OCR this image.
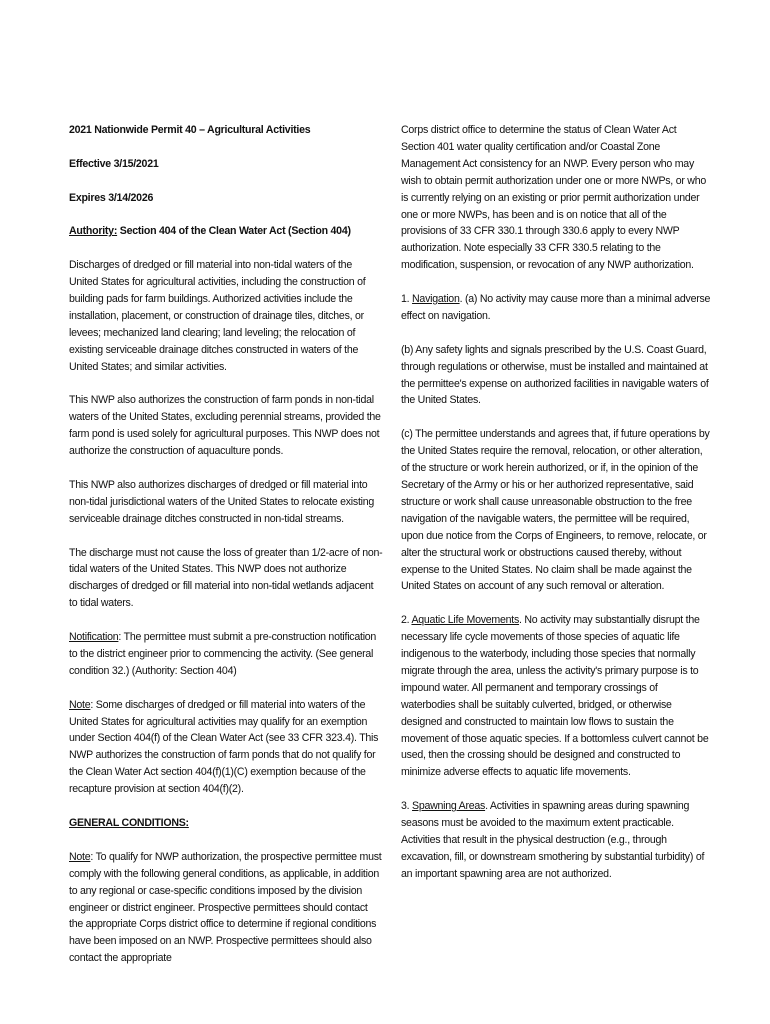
2021 Nationwide Permit 40 – Agricultural Activities

Effective 3/15/2021

Expires 3/14/2026

Authority: Section 404 of the Clean Water Act (Section 404)

Discharges of dredged or fill material into non-tidal waters of the United States for agricultural activities, including the construction of building pads for farm buildings. Authorized activities include the installation, placement, or construction of drainage tiles, ditches, or levees; mechanized land clearing; land leveling; the relocation of existing serviceable drainage ditches constructed in waters of the United States; and similar activities.

This NWP also authorizes the construction of farm ponds in non-tidal waters of the United States, excluding perennial streams, provided the farm pond is used solely for agricultural purposes. This NWP does not authorize the construction of aquaculture ponds.

This NWP also authorizes discharges of dredged or fill material into non-tidal jurisdictional waters of the United States to relocate existing serviceable drainage ditches constructed in non-tidal streams.

The discharge must not cause the loss of greater than 1/2-acre of non-tidal waters of the United States. This NWP does not authorize discharges of dredged or fill material into non-tidal wetlands adjacent to tidal waters.

Notification: The permittee must submit a pre-construction notification to the district engineer prior to commencing the activity. (See general condition 32.) (Authority: Section 404)

Note: Some discharges of dredged or fill material into waters of the United States for agricultural activities may qualify for an exemption under Section 404(f) of the Clean Water Act (see 33 CFR 323.4). This NWP authorizes the construction of farm ponds that do not qualify for the Clean Water Act section 404(f)(1)(C) exemption because of the recapture provision at section 404(f)(2).

GENERAL CONDITIONS:

Note: To qualify for NWP authorization, the prospective permittee must comply with the following general conditions, as applicable, in addition to any regional or case-specific conditions imposed by the division engineer or district engineer. Prospective permittees should contact the appropriate Corps district office to determine if regional conditions have been imposed on an NWP. Prospective permittees should also contact the appropriate

Corps district office to determine the status of Clean Water Act Section 401 water quality certification and/or Coastal Zone Management Act consistency for an NWP. Every person who may wish to obtain permit authorization under one or more NWPs, or who is currently relying on an existing or prior permit authorization under one or more NWPs, has been and is on notice that all of the provisions of 33 CFR 330.1 through 330.6 apply to every NWP authorization. Note especially 33 CFR 330.5 relating to the modification, suspension, or revocation of any NWP authorization.

1. Navigation. (a) No activity may cause more than a minimal adverse effect on navigation.

(b) Any safety lights and signals prescribed by the U.S. Coast Guard, through regulations or otherwise, must be installed and maintained at the permittee's expense on authorized facilities in navigable waters of the United States.

(c) The permittee understands and agrees that, if future operations by the United States require the removal, relocation, or other alteration, of the structure or work herein authorized, or if, in the opinion of the Secretary of the Army or his or her authorized representative, said structure or work shall cause unreasonable obstruction to the free navigation of the navigable waters, the permittee will be required, upon due notice from the Corps of Engineers, to remove, relocate, or alter the structural work or obstructions caused thereby, without expense to the United States. No claim shall be made against the United States on account of any such removal or alteration.

2. Aquatic Life Movements. No activity may substantially disrupt the necessary life cycle movements of those species of aquatic life indigenous to the waterbody, including those species that normally migrate through the area, unless the activity's primary purpose is to impound water. All permanent and temporary crossings of waterbodies shall be suitably culverted, bridged, or otherwise designed and constructed to maintain low flows to sustain the movement of those aquatic species. If a bottomless culvert cannot be used, then the crossing should be designed and constructed to minimize adverse effects to aquatic life movements.

3. Spawning Areas. Activities in spawning areas during spawning seasons must be avoided to the maximum extent practicable. Activities that result in the physical destruction (e.g., through excavation, fill, or downstream smothering by substantial turbidity) of an important spawning area are not authorized.
